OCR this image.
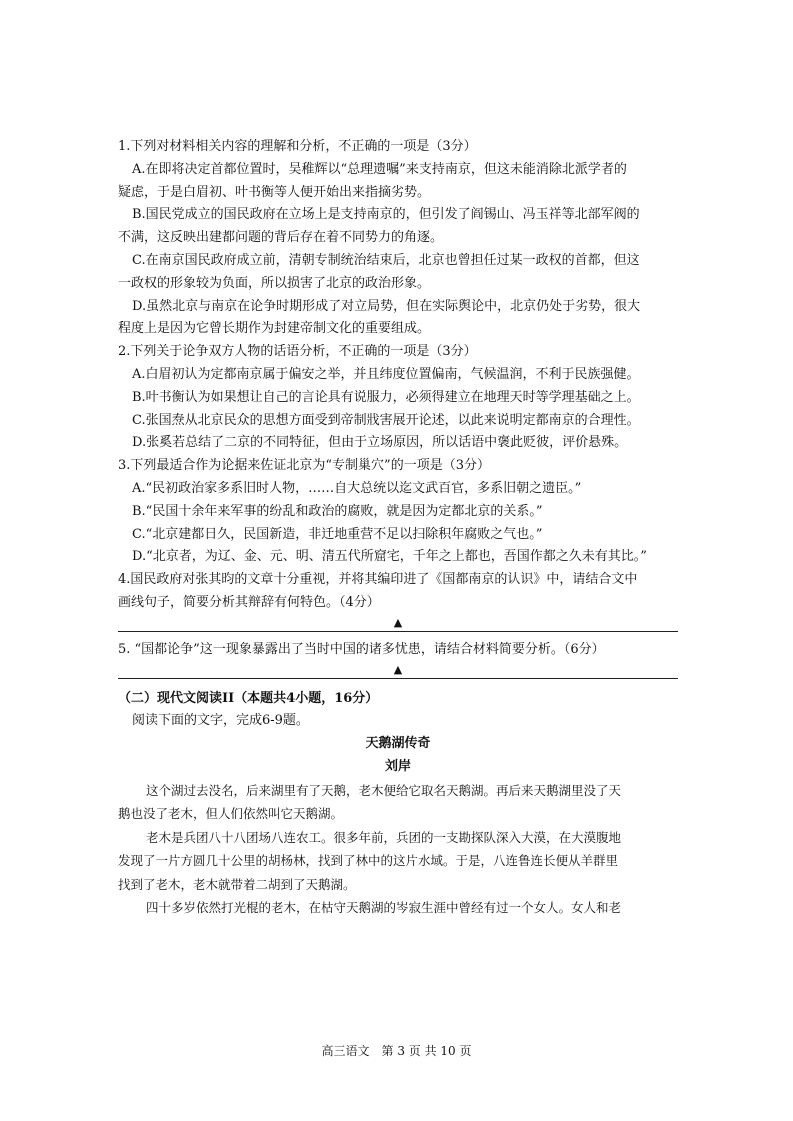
1.下列对材料相关内容的理解和分析，不正确的一项是（3分）
A.在即将决定首都位置时，吴稚辉以“总理遗嘱”来支持南京，但这未能消除北派学者的
疑虑，于是白眉初、叶书衡等人便开始出来指摘劣势。
B.国民党成立的国民政府在立场上是支持南京的，但引发了阎锡山、冯玉祥等北部军阀的
不满，这反映出建都问题的背后存在着不同势力的角逐。
C.在南京国民政府成立前，清朝专制统治结束后，北京也曾担任过某一政权的首都，但这
一政权的形象较为负面，所以损害了北京的政治形象。
D.虽然北京与南京在论争时期形成了对立局势，但在实际舆论中，北京仍处于劣势，很大
程度上是因为它曾长期作为封建帝制文化的重要组成。
2.下列关于论争双方人物的话语分析，不正确的一项是（3分）
A.白眉初认为定都南京属于偏安之举，并且纬度位置偏南，气候温润，不利于民族强健。
B.叶书衡认为如果想让自己的言论具有说服力，必须得建立在地理天时等学理基础之上。
C.张国焘从北京民众的思想方面受到帝制戕害展开论述，以此来说明定都南京的合理性。
D.张奚若总结了二京的不同特征，但由于立场原因，所以话语中褒此贬彼，评价悬殊。
3.下列最适合作为论据来佐证北京为“专制巢穴”的一项是（3分）
A.“民初政治家多系旧时人物，……自大总统以迄文武百官，多系旧朝之遗臣。”
B.“民国十余年来军事的纷乱和政治的腐败，就是因为定都北京的关系。”
C.“北京建都日久，民国新造，非迁地重营不足以扫除积年腐败之气也。”
D.“北京者，为辽、金、元、明、清五代所窟宅，千年之上都也，吾国作都之久未有其比。”
4.国民政府对张其昀的文章十分重视，并将其编印进了《国都南京的认识》中，请结合文中
画线句子，简要分析其辩辞有何特色。（4分）
▲
5. “国都论争”这一现象暴露出了当时中国的诸多忧患，请结合材料简要分析。（6分）
▲
（二）现代文阅读II（本题共4小题，16分）
阅读下面的文字，完成6-9题。
天鹅湖传奇
刘岸
这个湖过去没名，后来湖里有了天鹅，老木便给它取名天鹅湖。再后来天鹅湖里没了天
鹅也没了老木，但人们依然叫它天鹅湖。
老木是兵团八十八团场八连农工。很多年前，兵团的一支勘探队深入大漠，在大漠腹地
发现了一片方圆几十公里的胡杨林，找到了林中的这片水域。于是，八连鲁连长便从羊群里
找到了老木，老木就带着二胡到了天鹅湖。
四十多岁依然打光棍的老木，在枯守天鹅湖的岑寂生涯中曾经有过一个女人。女人和老
高三语文　第 3 页 共 10 页
